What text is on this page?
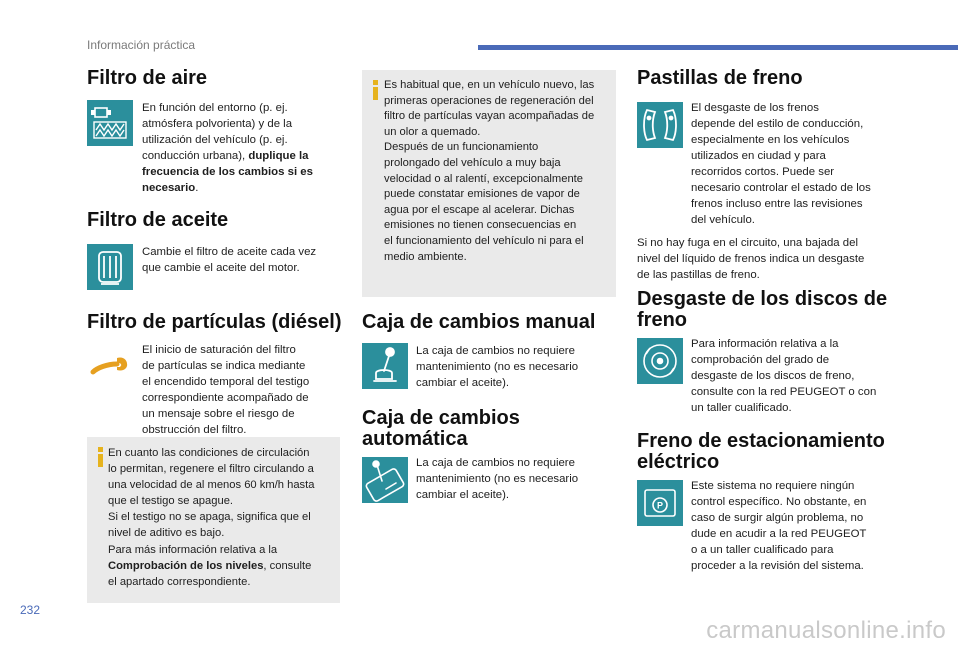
Información práctica
Filtro de aire

En función del entorno (p. ej.
atmósfera polvorienta) y de la
utilización del vehículo (p. ej.
conducción urbana), duplique la
frecuencia de los cambios si es
necesario.

Filtro de aceite

Cambie el filtro de aceite cada vez
que cambie el aceite del motor.

Filtro de partículas (diésel)

El inicio de saturación del filtro
de partículas se indica mediante
el encendido temporal del testigo
correspondiente acompañado de
un mensaje sobre el riesgo de
obstrucción del filtro.

En cuanto las condiciones de circulación
lo permitan, regenere el filtro circulando a
una velocidad de al menos 60 km/h hasta
que el testigo se apague.
Si el testigo no se apaga, significa que el
nivel de aditivo es bajo.
Para más información relativa a la
Comprobación de los niveles, consulte
el apartado correspondiente.

Es habitual que, en un vehículo nuevo, las
primeras operaciones de regeneración del
filtro de partículas vayan acompañadas de
un olor a quemado.
Después de un funcionamiento
prolongado del vehículo a muy baja
velocidad o al ralentí, excepcionalmente
puede constatar emisiones de vapor de
agua por el escape al acelerar. Dichas
emisiones no tienen consecuencias en
el funcionamiento del vehículo ni para el
medio ambiente.

Caja de cambios manual

La caja de cambios no requiere
mantenimiento (no es necesario
cambiar el aceite).

Caja de cambios
automática

La caja de cambios no requiere
mantenimiento (no es necesario
cambiar el aceite).

Pastillas de freno

El desgaste de los frenos
depende del estilo de conducción,
especialmente en los vehículos
utilizados en ciudad y para
recorridos cortos. Puede ser
necesario controlar el estado de los
frenos incluso entre las revisiones
del vehículo.

Si no hay fuga en el circuito, una bajada del
nivel del líquido de frenos indica un desgaste
de las pastillas de freno.

Desgaste de los discos de
freno

Para información relativa a la
comprobación del grado de
desgaste de los discos de freno,
consulte con la red PEUGEOT o con
un taller cualificado.

Freno de estacionamiento
eléctrico
P

Este sistema no requiere ningún
control específico. No obstante, en
caso de surgir algún problema, no
dude en acudir a la red PEUGEOT
o a un taller cualificado para
proceder a la revisión del sistema.

232
carmanualsonline.info
